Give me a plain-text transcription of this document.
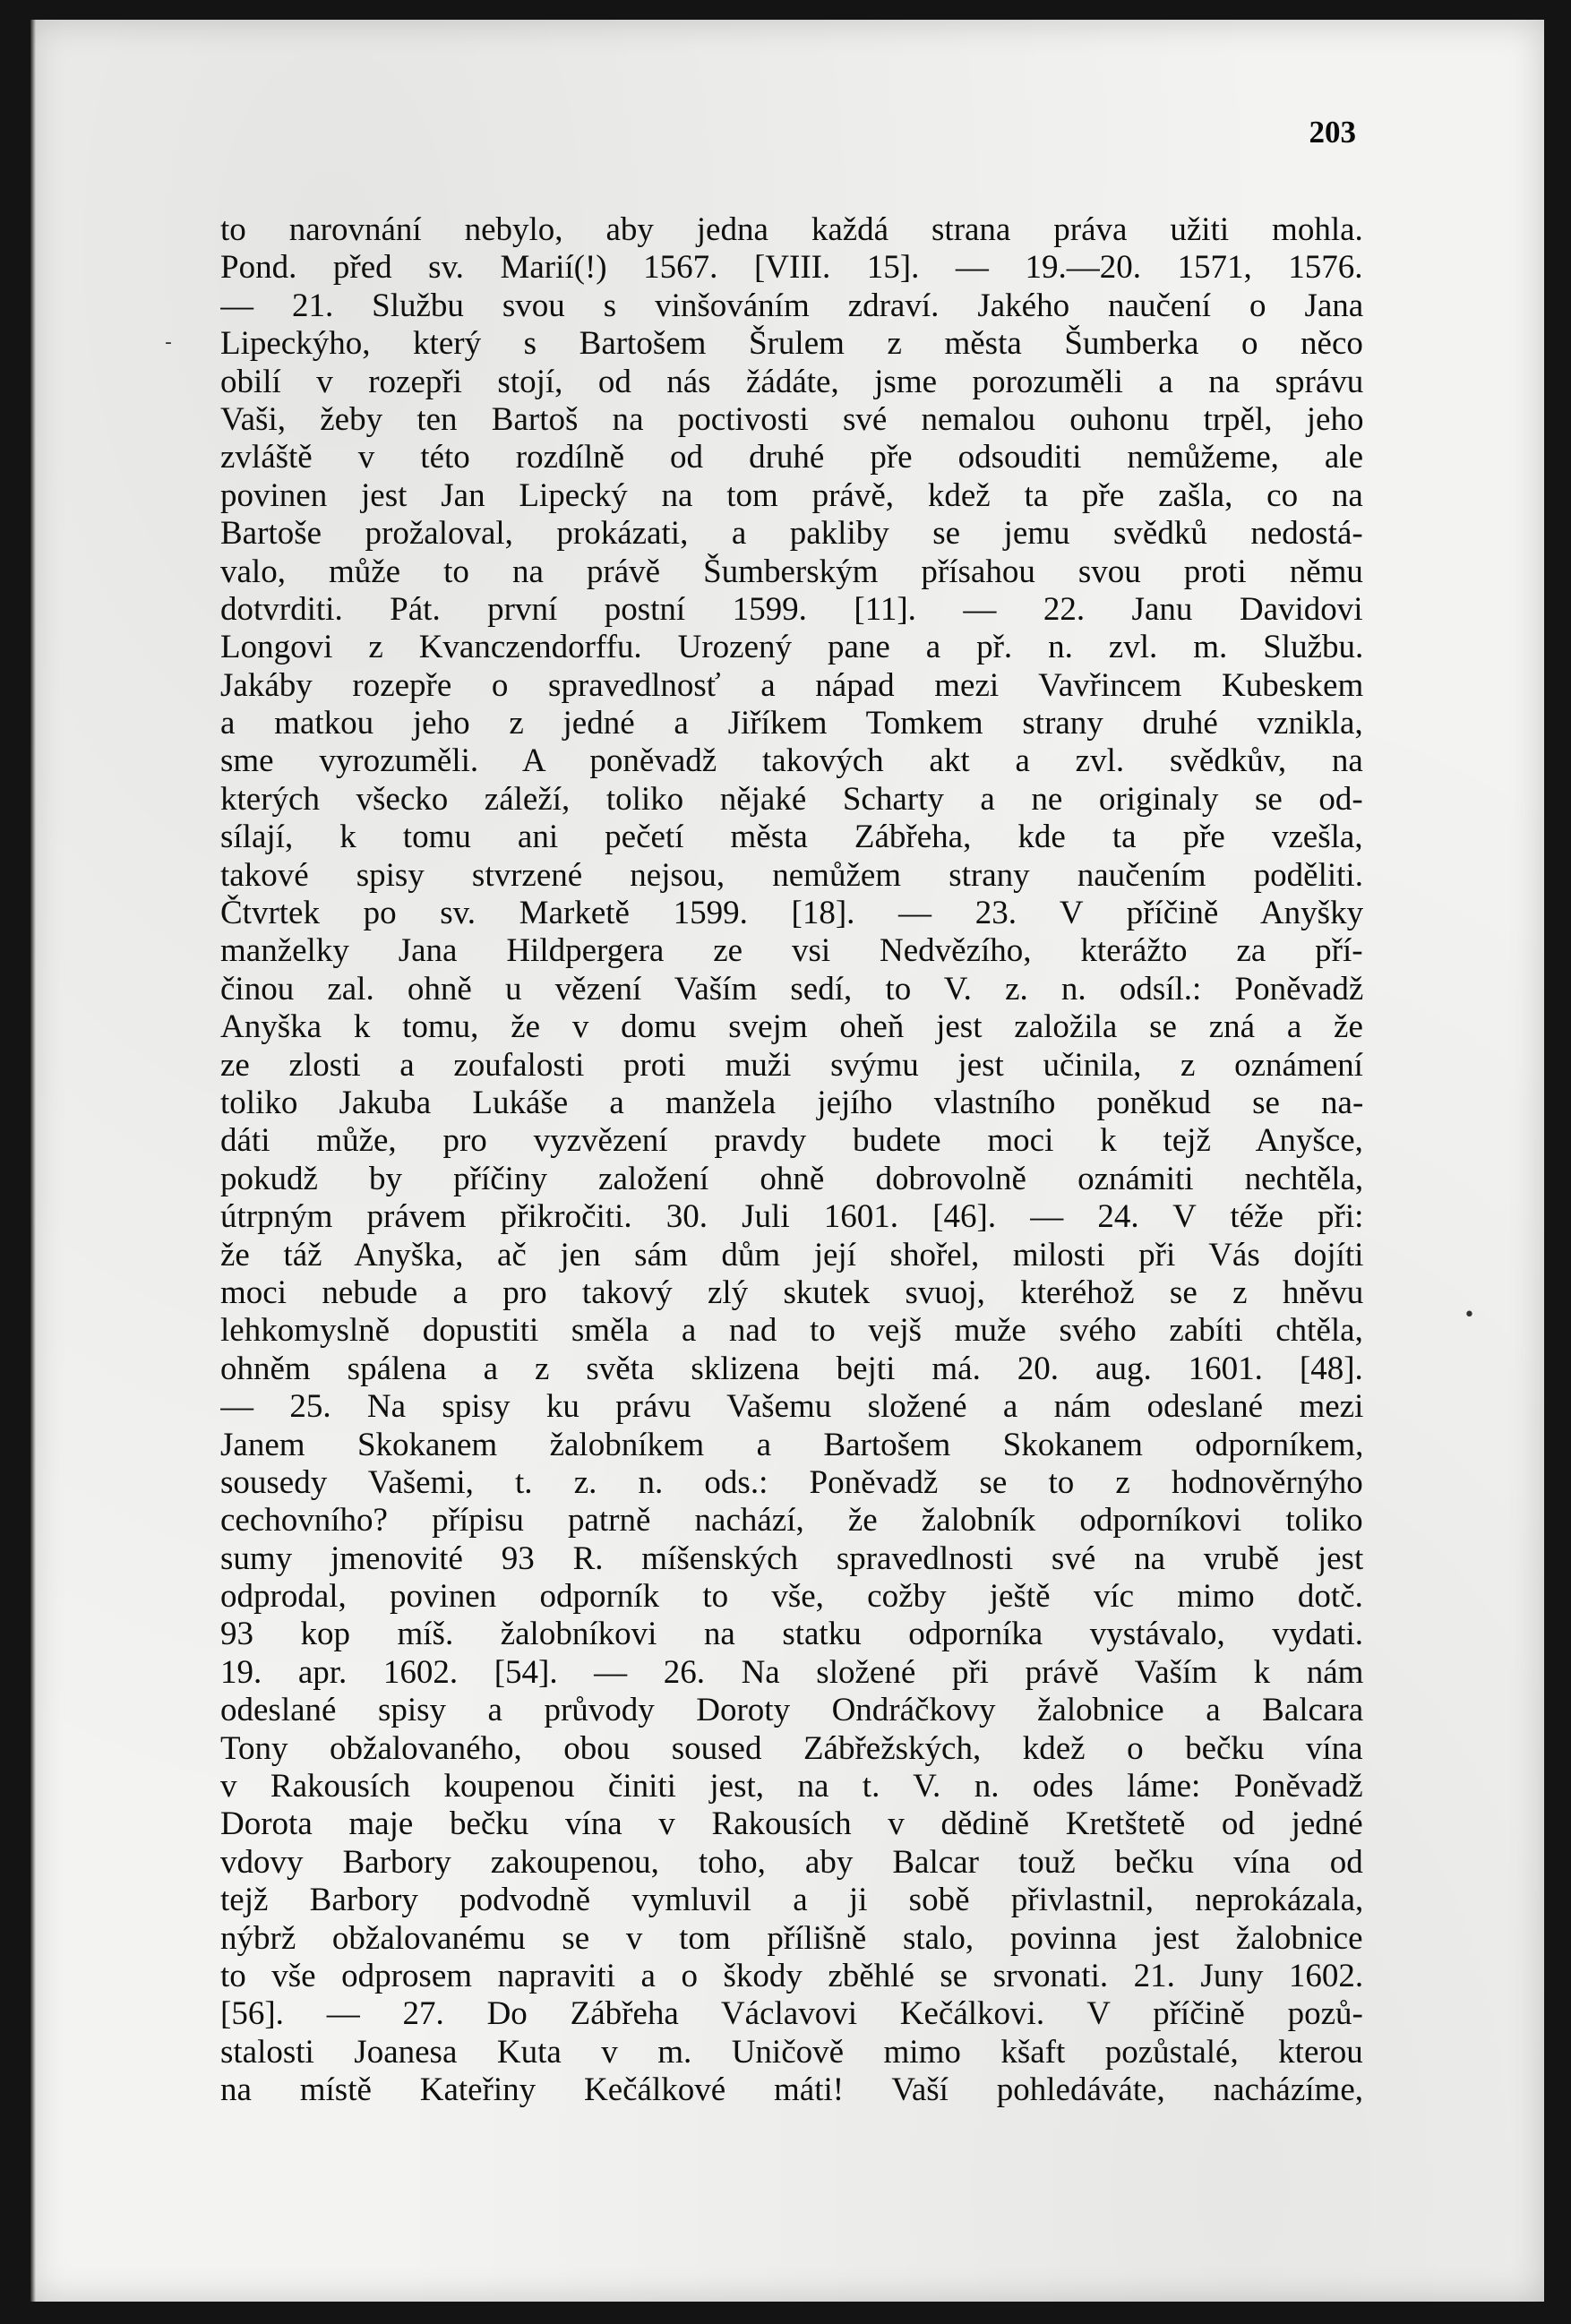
203
to narovnání nebylo, aby jedna každá strana práva užiti mohla.
Pond. před sv. Marií(!) 1567. [VIII. 15]. — 19.—20. 1571, 1576.
— 21. Službu svou s vinšováním zdraví. Jakého naučení o Jana
Lipeckýho, který s Bartošem Šrulem z města Šumberka o něco
obilí v rozepři stojí, od nás žádáte, jsme porozuměli a na správu
Vaši, žeby ten Bartoš na poctivosti své nemalou ouhonu trpěl, jeho
zvláště v této rozdílně od druhé pře odsouditi nemůžeme, ale
povinen jest Jan Lipecký na tom právě, kdež ta pře zašla, co na
Bartoše prožaloval, prokázati, a pakliby se jemu svědků nedostá-
valo, může to na právě Šumberským přísahou svou proti němu
dotvrditi. Pát. první postní 1599. [11]. — 22. Janu Davidovi
Longovi z Kvanczendorffu. Urozený pane a př. n. zvl. m. Službu.
Jakáby rozepře o spravedlnosť a nápad mezi Vavřincem Kubeskem
a matkou jeho z jedné a Jiříkem Tomkem strany druhé vznikla,
sme vyrozuměli. A poněvadž takových akt a zvl. svědkův, na
kterých všecko záleží, toliko nějaké Scharty a ne originaly se od-
sílají, k tomu ani pečetí města Zábřeha, kde ta pře vzešla,
takové spisy stvrzené nejsou, nemůžem strany naučením poděliti.
Čtvrtek po sv. Marketě 1599. [18]. — 23. V příčině Anyšky
manželky Jana Hildpergera ze vsi Nedvězího, kterážto za pří-
činou zal. ohně u vězení Vaším sedí, to V. z. n. odsíl.: Poněvadž
Anyška k tomu, že v domu svejm oheň jest založila se zná a že
ze zlosti a zoufalosti proti muži svýmu jest učinila, z oznámení
toliko Jakuba Lukáše a manžela jejího vlastního poněkud se na-
dáti může, pro vyzvězení pravdy budete moci k tejž Anyšce,
pokudž by příčiny založení ohně dobrovolně oznámiti nechtěla,
útrpným právem přikročiti. 30. Juli 1601. [46]. — 24. V téže při:
že táž Anyška, ač jen sám dům její shořel, milosti při Vás dojíti
moci nebude a pro takový zlý skutek svuoj, kteréhož se z hněvu
lehkomyslně dopustiti směla a nad to vejš muže svého zabíti chtěla,
ohněm spálena a z světa sklizena bejti má. 20. aug. 1601. [48].
— 25. Na spisy ku právu Vašemu složené a nám odeslané mezi
Janem Skokanem žalobníkem a Bartošem Skokanem odporníkem,
sousedy Vašemi, t. z. n. ods.: Poněvadž se to z hodnověrnýho
cechovního? přípisu patrně nachází, že žalobník odporníkovi toliko
sumy jmenovité 93 R. míšenských spravedlnosti své na vrubě jest
odprodal, povinen odporník to vše, cožby ještě víc mimo dotč.
93 kop míš. žalobníkovi na statku odporníka vystávalo, vydati.
19. apr. 1602. [54]. — 26. Na složené při právě Vaším k nám
odeslané spisy a průvody Doroty Ondráčkovy žalobnice a Balcara
Tony obžalovaného, obou soused Zábřežských, kdež o bečku vína
v Rakousích koupenou činiti jest, na t. V. n. odes láme: Poněvadž
Dorota maje bečku vína v Rakousích v dědině Kretštetě od jedné
vdovy Barbory zakoupenou, toho, aby Balcar touž bečku vína od
tejž Barbory podvodně vymluvil a ji sobě přivlastnil, neprokázala,
nýbrž obžalovanému se v tom přílišně stalo, povinna jest žalobnice
to vše odprosem napraviti a o škody zběhlé se srvonati. 21. Juny 1602.
[56]. — 27. Do Zábřeha Václavovi Kečálkovi. V příčině pozů-
stalosti Joanesa Kuta v m. Uničově mimo kšaft pozůstalé, kterou
na místě Kateřiny Kečálkové máti! Vaší pohledáváte, nacházíme,
-
•
